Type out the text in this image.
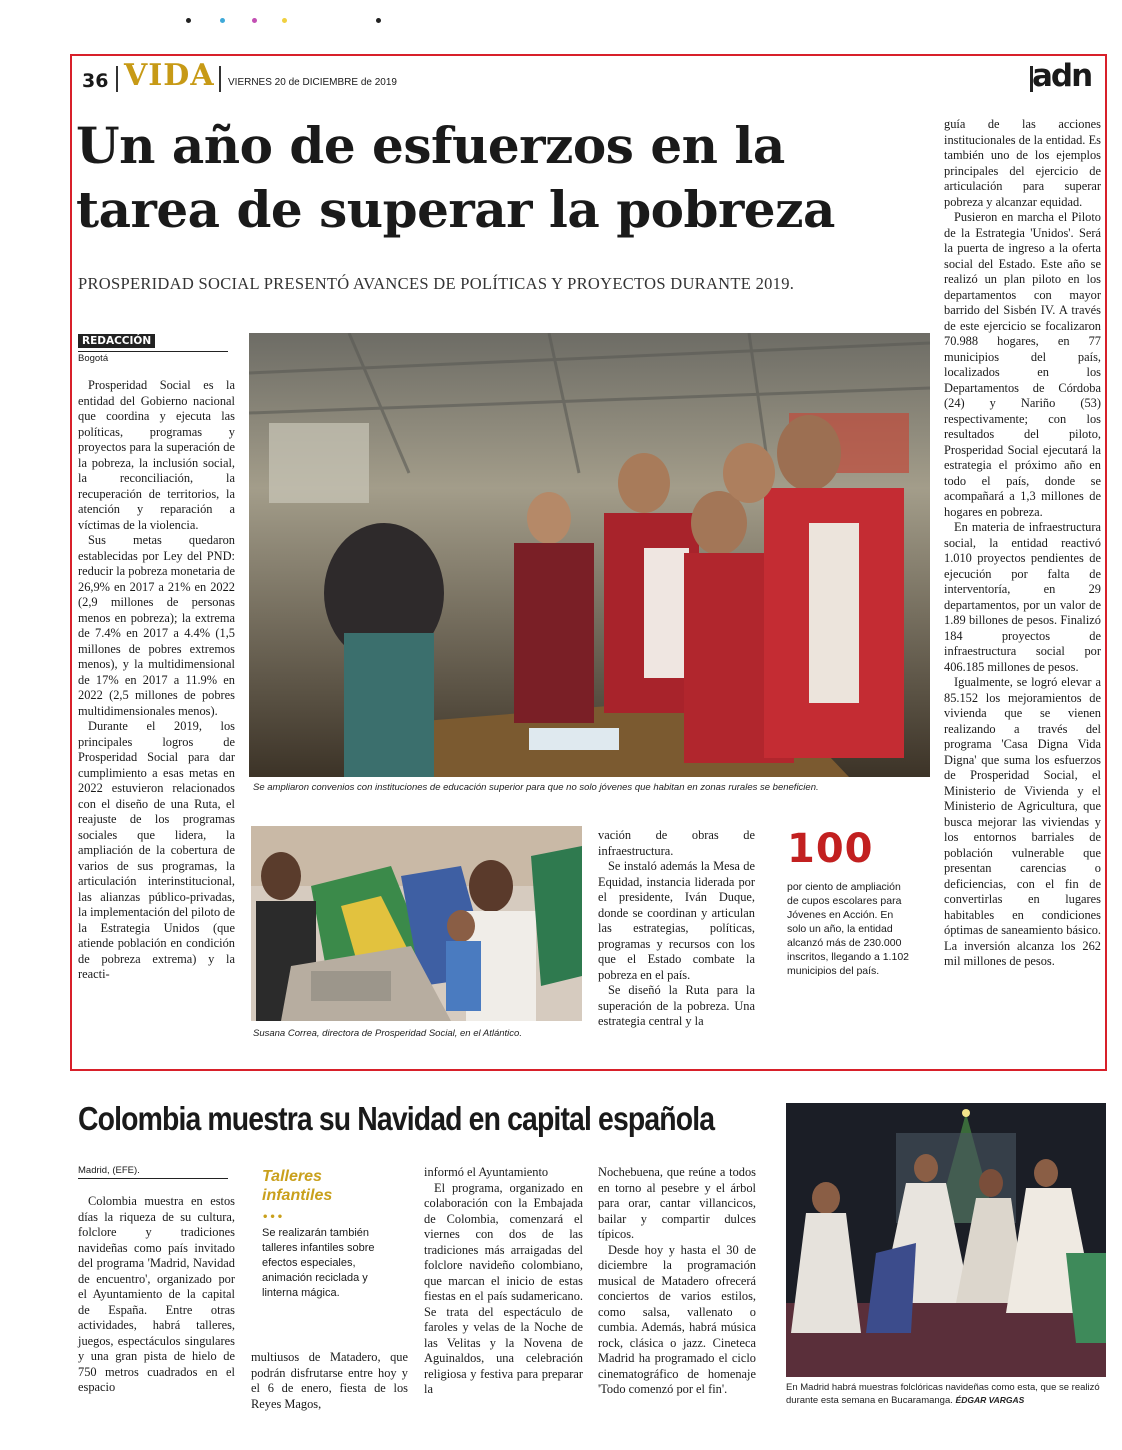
36 VIDA VIERNES 20 de DICIEMBRE de 2019	adn
Un año de esfuerzos en la
tarea de superar la pobreza
PROSPERIDAD SOCIAL PRESENTÓ AVANCES DE POLÍTICAS Y PROYECTOS DURANTE 2019.
REDACCIÓN
Bogotá

Prosperidad Social es la entidad del Gobierno nacional que coordina y ejecuta las políticas, programas y proyectos para la superación de la pobreza, la inclusión social, la reconciliación, la recuperación de territorios, la atención y reparación a víctimas de la violencia.

Sus metas quedaron establecidas por Ley del PND: reducir la pobreza monetaria de 26,9% en 2017 a 21% en 2022 (2,9 millones de personas menos en pobreza); la extrema de 7.4% en 2017 a 4.4% (1,5 millones de pobres extremos menos), y la multidimensional de 17% en 2017 a 11.9% en 2022 (2,5 millones de pobres multidimensionales menos).

Durante el 2019, los principales logros de Prosperidad Social para dar cumplimiento a esas metas en 2022 estuvieron relacionados con el diseño de una Ruta, el reajuste de los programas sociales que lidera, la ampliación de la cobertura de varios de sus programas, la articulación interinstitucional, las alianzas público-privadas, la implementación del piloto de la Estrategia Unidos (que atiende población en condición de pobreza extrema) y la reacti-

Se ampliaron convenios con instituciones de educación superior para que no solo jóvenes que habitan en zonas rurales se beneficien.
Susana Correa, directora de Prosperidad Social, en el Atlántico.

vación de obras de infraestructura.

Se instaló además la Mesa de Equidad, instancia liderada por el presidente, Iván Duque, donde se coordinan y articulan las estrategias, políticas, programas y recursos con los que el Estado combate la pobreza en el país.

Se diseñó la Ruta para la superación de la pobreza. Una estrategia central y la

100
por ciento de ampliación de cupos escolares para Jóvenes en Acción. En solo un año, la entidad alcanzó más de 230.000 inscritos, llegando a 1.102 municipios del país.

guía de las acciones institucionales de la entidad. Es también uno de los ejemplos principales del ejercicio de articulación para superar pobreza y alcanzar equidad.

Pusieron en marcha el Piloto de la Estrategia 'Unidos'. Será la puerta de ingreso a la oferta social del Estado. Este año se realizó un plan piloto en los departamentos con mayor barrido del Sisbén IV. A través de este ejercicio se focalizaron 70.988 hogares, en 77 municipios del país, localizados en los Departamentos de Córdoba (24) y Nariño (53) respectivamente; con los resultados del piloto, Prosperidad Social ejecutará la estrategia el próximo año en todo el país, donde se acompañará a 1,3 millones de hogares en pobreza.

En materia de infraestructura social, la entidad reactivó 1.010 proyectos pendientes de ejecución por falta de interventoría, en 29 departamentos, por un valor de 1.89 billones de pesos. Finalizó 184 proyectos de infraestructura social por 406.185 millones de pesos.

Igualmente, se logró elevar a 85.152 los mejoramientos de vivienda que se vienen realizando a través del programa 'Casa Digna Vida Digna' que suma los esfuerzos de Prosperidad Social, el Ministerio de Vivienda y el Ministerio de Agricultura, que busca mejorar las viviendas y los entornos barriales de población vulnerable que presentan carencias o deficiencias, con el fin de convertirlas en lugares habitables en condiciones óptimas de saneamiento básico. La inversión alcanza los 262 mil millones de pesos.

Colombia muestra su Navidad en capital española
Madrid, (EFE).

Colombia muestra en estos días la riqueza de su cultura, folclore y tradiciones navideñas como país invitado del programa 'Madrid, Navidad de encuentro', organizado por el Ayuntamiento de la capital de España. Entre otras actividades, habrá talleres, juegos, espectáculos singulares y una gran pista de hielo de 750 metros cuadrados en el espacio

Talleres
infantiles
•••
Se realizarán también talleres infantiles sobre efectos especiales, animación reciclada y linterna mágica.

multiusos de Matadero, que podrán disfrutarse entre hoy y el 6 de enero, fiesta de los Reyes Magos,

informó el Ayuntamiento

El programa, organizado en colaboración con la Embajada de Colombia, comenzará el viernes con dos de las tradiciones más arraigadas del folclore navideño colombiano, que marcan el inicio de estas fiestas en el país sudamericano. Se trata del espectáculo de faroles y velas de la Noche de las Velitas y la Novena de Aguinaldos, una celebración religiosa y festiva para preparar la

Nochebuena, que reúne a todos en torno al pesebre y el árbol para orar, cantar villancicos, bailar y compartir dulces típicos.

Desde hoy y hasta el 30 de diciembre la programación musical de Matadero ofrecerá conciertos de varios estilos, como salsa, vallenato o cumbia. Además, habrá música rock, clásica o jazz. Cineteca Madrid ha programado el ciclo cinematográfico de homenaje 'Todo comenzó por el fin'.	En Madrid habrá muestras folclóricas navideñas como esta, que se realizó durante esta semana en Bucaramanga. ÉDGAR VARGAS
